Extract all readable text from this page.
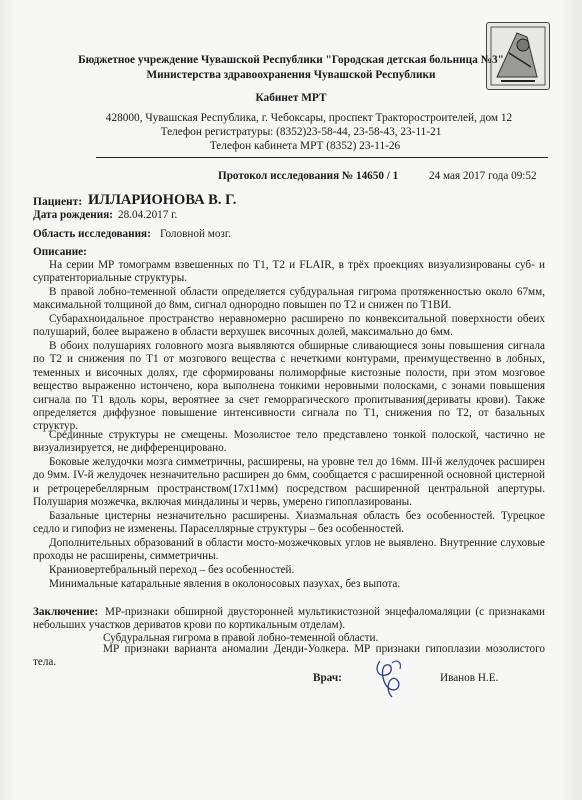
Бюджетное учреждение Чувашской Республики "Городская детская больница №3"
Министерства здравоохранения Чувашской Республики
Кабинет МРТ
428000, Чувашская Республика, г. Чебоксары, проспект Тракторостроителей, дом 12
Телефон регистратуры: (8352)23-58-44, 23-58-43, 23-11-21
Телефон кабинета МРТ (8352) 23-11-26
Протокол исследования № 14650 / 1	24 мая 2017 года 09:52
Пациент: ИЛЛАРИОНОВА В. Г.
Дата рождения: 28.04.2017 г.
Область исследования: Головной мозг.
Описание:
На серии МР томограмм взвешенных по T1, T2 и FLAIR, в трёх проекциях визуализированы суб- и супратенториальные структуры.
В правой лобно-теменной области определяется субдуральная гигрома протяженностью около 67мм, максимальной толщиной до 8мм, сигнал однородно повышен по Т2 и снижен по Т1ВИ.
Субарахноидальное пространство неравномерно расширено по конвекситальной поверхности обеих полушарий, более выражено в области верхушек височных долей, максимально до 6мм.
В обоих полушариях головного мозга выявляются обширные сливающиеся зоны повышения сигнала по Т2 и снижения по Т1 от мозгового вещества с нечеткими контурами, преимущественно в лобных, теменных и височных долях, где сформированы полиморфные кистозные полости, при этом мозговое вещество выраженно истончено, кора выполнена тонкими неровными полосками, с зонами повышения сигнала по Т1 вдоль коры, вероятнее за счет геморрагического пропитывания(дериваты крови). Также определяется диффузное повышение интенсивности сигнала по Т1, снижения по Т2, от базальных структур.
Срединные структуры не смещены. Мозолистое тело представлено тонкой полоской, частично не визуализируется, не дифференцировано.
Боковые желудочки мозга симметричны, расширены, на уровне тел до 16мм. III-й желудочек расширен до 9мм. IV-й желудочек незначительно расширен до 6мм, сообщается с расширенной основной цистерной и ретроцеребеллярным пространством(17х11мм) посредством расширенной центральной апертуры. Полушария мозжечка, включая миндалины и червь, умерено гипоплазированы.
Базальные цистерны незначительно расширены. Хиазмальная область без особенностей. Турецкое седло и гипофиз не изменены. Параселлярные структуры – без особенностей.
Дополнительных образований в области мосто-мозжечковых углов не выявлено. Внутренние слуховые проходы не расширены, симметричны.
Краниовертебральный переход – без особенностей.
Минимальные катаральные явления в околоносовых пазухах, без выпота.
Заключение: МР-признаки обширной двусторонней мультикистозной энцефаломаляции (с признаками небольших участков дериватов крови по кортикальным отделам).
Субдуральная гигрома в правой лобно-теменной области.
МР признаки варианта аномалии Денди-Уолкера. МР признаки гипоплазии мозолистого тела.
Врач:	Иванов Н.Е.
